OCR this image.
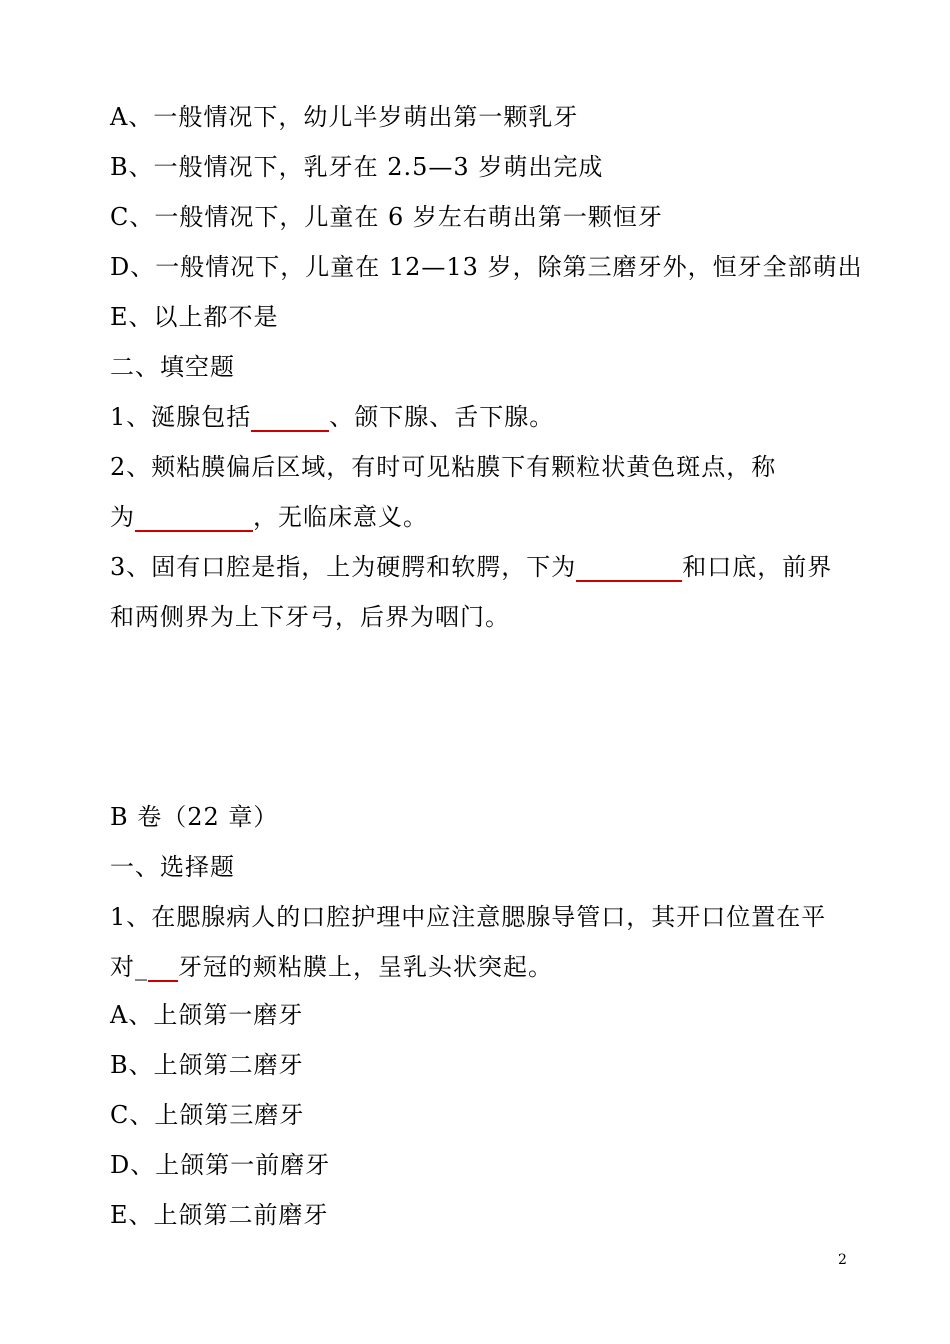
A、一般情况下，幼儿半岁萌出第一颗乳牙
B、一般情况下，乳牙在 2.5—3 岁萌出完成
C、一般情况下，儿童在 6 岁左右萌出第一颗恒牙
D、一般情况下，儿童在 12—13 岁，除第三磨牙外，恒牙全部萌出
E、以上都不是
二、填空题
1、涎腺包括	、颌下腺、舌下腺。
2、颊粘膜偏后区域，有时可见粘膜下有颗粒状黄色斑点，称
为	，无临床意义。
3、固有口腔是指，上为硬腭和软腭，下为	和口底，前界
和两侧界为上下牙弓，后界为咽门。
B 卷（22 章）
一、选择题
1、在腮腺病人的口腔护理中应注意腮腺导管口，其开口位置在平
对_ 牙冠的颊粘膜上，呈乳头状突起。
A、上颌第一磨牙
B、上颌第二磨牙
C、上颌第三磨牙
D、上颌第一前磨牙
E、上颌第二前磨牙
2
